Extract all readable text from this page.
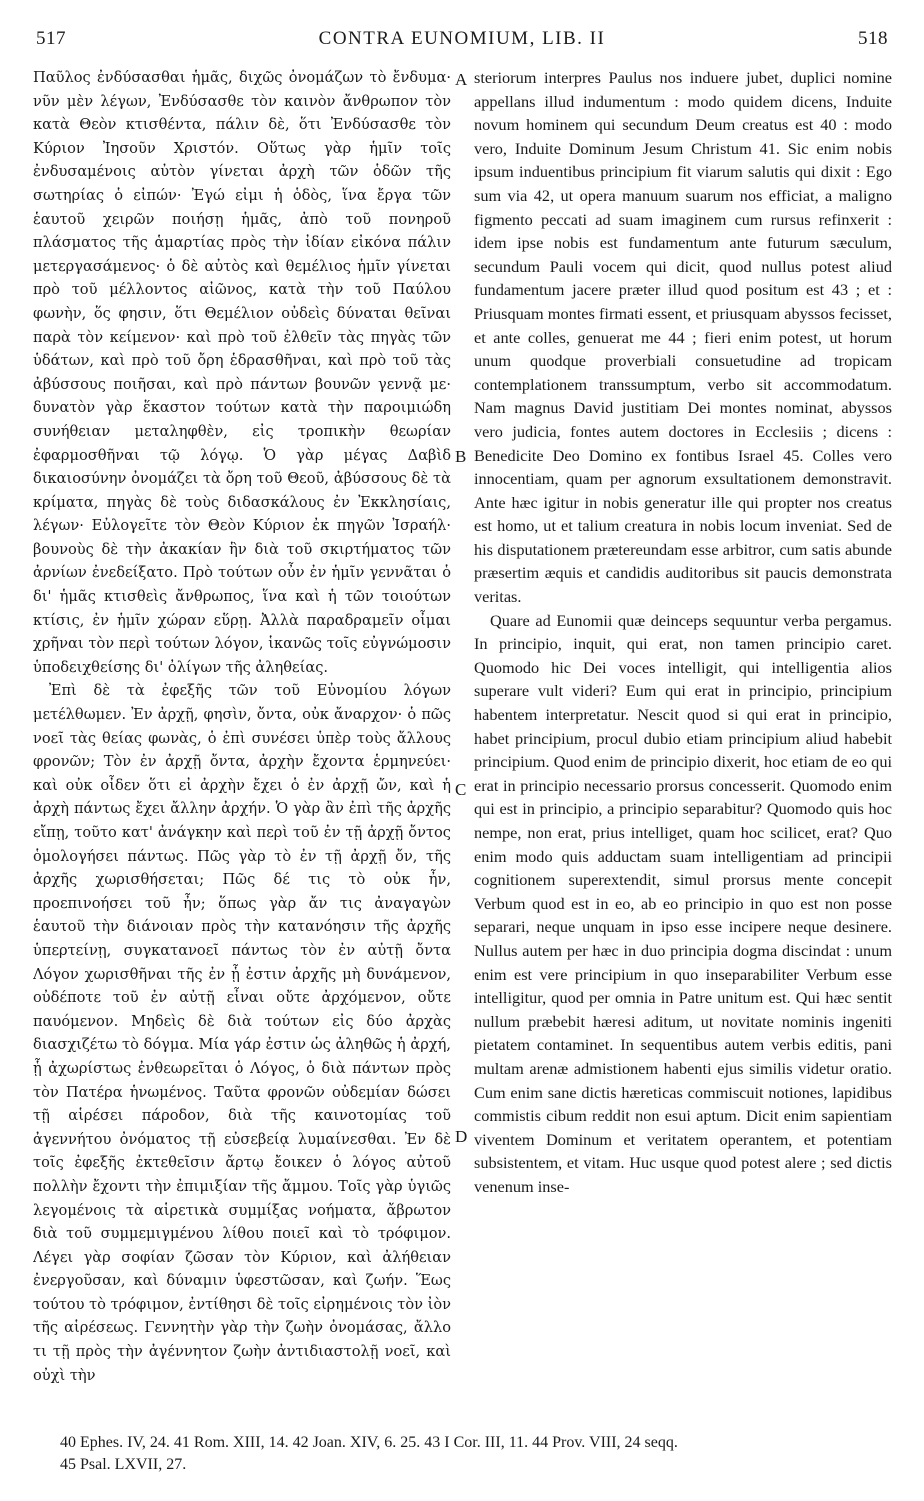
517	CONTRA EUNOMIUM, LIB. II	518

Παῦλος ἐνδύσασθαι ἡμᾶς, διχῶς ὀνομάζων τὸ ἔνδυμα· νῦν μὲν λέγων, Ἐνδύσασθε τὸν καινὸν ἄνθρωπον τὸν κατὰ Θεὸν κτισθέντα, πάλιν δὲ, ὅτι Ἐνδύσασθε τὸν Κύριον Ἰησοῦν Χριστόν. Οὕτως γὰρ ἡμῖν τοῖς ἐνδυσαμένοις αὐτὸν γίνεται ἀρχὴ τῶν ὁδῶν τῆς σωτηρίας ὁ εἰπών· Ἐγώ εἰμι ἡ ὁδὸς, ἵνα ἔργα τῶν ἑαυτοῦ χειρῶν ποιήσῃ ἡμᾶς, ἀπὸ τοῦ πονηροῦ πλάσματος τῆς ἁμαρτίας πρὸς τὴν ἰδίαν εἰκόνα πάλιν μετεργασάμενος· ὁ δὲ αὐτὸς καὶ θεμέλιος ἡμῖν γίνεται πρὸ τοῦ μέλλοντος αἰῶνος, κατὰ τὴν τοῦ Παύλου φωνὴν, ὅς φησιν, ὅτι Θεμέλιον οὐδεὶς δύναται θεῖναι παρὰ τὸν κείμενον· καὶ πρὸ τοῦ ἐλθεῖν τὰς πηγὰς τῶν ὑδάτων, καὶ πρὸ τοῦ ὄρη ἑδρασθῆναι, καὶ πρὸ τοῦ τὰς ἀβύσσους ποιῆσαι, καὶ πρὸ πάντων βουνῶν γεννᾷ με· δυνατὸν γὰρ ἕκαστον τούτων κατὰ τὴν παροιμιώδη συνήθειαν μεταληφθὲν, εἰς τροπικὴν θεωρίαν ἐφαρμοσθῆναι τῷ λόγῳ. Ὁ γὰρ μέγας Δαβὶδ δικαιοσύνην ὀνομάζει τὰ ὄρη τοῦ Θεοῦ, ἀβύσσους δὲ τὰ κρίματα, πηγὰς δὲ τοὺς διδασκάλους ἐν Ἐκκλησίαις, λέγων· Εὐλογεῖτε τὸν Θεὸν Κύριον ἐκ πηγῶν Ἰσραήλ· βουνοὺς δὲ τὴν ἀκακίαν ἣν διὰ τοῦ σκιρτήματος τῶν ἀρνίων ἐνεδείξατο. Πρὸ τούτων οὖν ἐν ἡμῖν γεννᾶται ὁ δι' ἡμᾶς κτισθεὶς ἄνθρωπος, ἵνα καὶ ἡ τῶν τοιούτων κτίσις, ἐν ἡμῖν χώραν εὕρῃ. Ἀλλὰ παραδραμεῖν οἶμαι χρῆναι τὸν περὶ τούτων λόγον, ἱκανῶς τοῖς εὐγνώμοσιν ὑποδειχθείσης δι' ὀλίγων τῆς ἀληθείας.

Ἐπὶ δὲ τὰ ἐφεξῆς τῶν τοῦ Εὐνομίου λόγων μετέλθωμεν. Ἐν ἀρχῇ, φησὶν, ὄντα, οὐκ ἄναρχον· ὁ πῶς νοεῖ τὰς θείας φωνὰς, ὁ ἐπὶ συνέσει ὑπὲρ τοὺς ἄλλους φρονῶν; Τὸν ἐν ἀρχῇ ὄντα, ἀρχὴν ἔχοντα ἑρμηνεύει· καὶ οὐκ οἶδεν ὅτι εἰ ἀρχὴν ἔχει ὁ ἐν ἀρχῇ ὤν, καὶ ἡ ἀρχὴ πάντως ἔχει ἄλλην ἀρχήν. Ὁ γὰρ ἂν ἐπὶ τῆς ἀρχῆς εἴπῃ, τοῦτο κατ' ἀνάγκην καὶ περὶ τοῦ ἐν τῇ ἀρχῇ ὄντος ὁμολογήσει πάντως. Πῶς γὰρ τὸ ἐν τῇ ἀρχῇ ὄν, τῆς ἀρχῆς χωρισθήσεται; Πῶς δέ τις τὸ οὐκ ἦν, προεπινοήσει τοῦ ἦν; ὅπως γὰρ ἄν τις ἀναγαγὼν ἑαυτοῦ τὴν διάνοιαν πρὸς τὴν κατανόησιν τῆς ἀρχῆς ὑπερτείνῃ, συγκατανοεῖ πάντως τὸν ἐν αὐτῇ ὄντα Λόγον χωρισθῆναι τῆς ἐν ᾗ ἐστιν ἀρχῆς μὴ δυνάμενον, οὐδέποτε τοῦ ἐν αὐτῇ εἶναι οὔτε ἀρχόμενον, οὔτε παυόμενον. Μηδεὶς δὲ διὰ τούτων εἰς δύο ἀρχὰς διασχιζέτω τὸ δόγμα. Μία γάρ ἐστιν ὡς ἀληθῶς ἡ ἀρχή, ᾗ ἀχωρίστως ἐνθεωρεῖται ὁ Λόγος, ὁ διὰ πάντων πρὸς τὸν Πατέρα ἡνωμένος. Ταῦτα φρονῶν οὐδεμίαν δώσει τῇ αἱρέσει πάροδον, διὰ τῆς καινοτομίας τοῦ ἀγεννήτου ὀνόματος τῇ εὐσεβείᾳ λυμαίνεσθαι. Ἐν δὲ τοῖς ἐφεξῆς ἐκτεθεῖσιν ἄρτῳ ἔοικεν ὁ λόγος αὐτοῦ πολλὴν ἔχοντι τὴν ἐπιμιξίαν τῆς ἄμμου. Τοῖς γὰρ ὑγιῶς λεγομένοις τὰ αἱρετικὰ συμμίξας νοήματα, ἄβρωτον διὰ τοῦ συμμεμιγμένου λίθου ποιεῖ καὶ τὸ τρόφιμον. Λέγει γὰρ σοφίαν ζῶσαν τὸν Κύριον, καὶ ἀλήθειαν ἐνεργοῦσαν, καὶ δύναμιν ὑφεστῶσαν, καὶ ζωήν. Ἕως τούτου τὸ τρόφιμον, ἐντίθησι δὲ τοῖς εἰρημένοις τὸν ἰὸν τῆς αἱρέσεως. Γεννητὴν γὰρ τὴν ζωὴν ὀνομάσας, ἄλλο τι τῇ πρὸς τὴν ἀγέννητον ζωὴν ἀντιδιαστολῇ νοεῖ, καὶ οὐχὶ τὴν

A
B
C
D

steriorum interpres Paulus nos induere jubet, duplici nomine appellans illud indumentum : modo quidem dicens, Induite novum hominem qui secundum Deum creatus est 40 : modo vero, Induite Dominum Jesum Christum 41. Sic enim nobis ipsum induentibus principium fit viarum salutis qui dixit : Ego sum via 42, ut opera manuum suarum nos efficiat, a maligno figmento peccati ad suam imaginem cum rursus refinxerit : idem ipse nobis est fundamentum ante futurum sæculum, secundum Pauli vocem qui dicit, quod nullus potest aliud fundamentum jacere præter illud quod positum est 43 ; et : Priusquam montes firmati essent, et priusquam abyssos fecisset, et ante colles, genuerat me 44 ; fieri enim potest, ut horum unum quodque proverbiali consuetudine ad tropicam contemplationem transsumptum, verbo sit accommodatum. Nam magnus David justitiam Dei montes nominat, abyssos vero judicia, fontes autem doctores in Ecclesiis ; dicens : Benedicite Deo Domino ex fontibus Israel 45. Colles vero innocentiam, quam per agnorum exsultationem demonstravit. Ante hæc igitur in nobis generatur ille qui propter nos creatus est homo, ut et talium creatura in nobis locum inveniat. Sed de his disputationem prætereundam esse arbitror, cum satis abunde præsertim æquis et candidis auditoribus sit paucis demonstrata veritas.

Quare ad Eunomii quæ deinceps sequuntur verba pergamus. In principio, inquit, qui erat, non tamen principio caret. Quomodo hic Dei voces intelligit, qui intelligentia alios superare vult videri? Eum qui erat in principio, principium habentem interpretatur. Nescit quod si qui erat in principio, habet principium, procul dubio etiam principium aliud habebit principium. Quod enim de principio dixerit, hoc etiam de eo qui erat in principio necessario prorsus concesserit. Quomodo enim qui est in principio, a principio separabitur? Quomodo quis hoc nempe, non erat, prius intelliget, quam hoc scilicet, erat? Quo enim modo quis adductam suam intelligentiam ad principii cognitionem superextendit, simul prorsus mente concepit Verbum quod est in eo, ab eo principio in quo est non posse separari, neque unquam in ipso esse incipere neque desinere. Nullus autem per hæc in duo principia dogma discindat : unum enim est vere principium in quo inseparabiliter Verbum esse intelligitur, quod per omnia in Patre unitum est. Qui hæc sentit nullum præbebit hæresi aditum, ut novitate nominis ingeniti pietatem contaminet. In sequentibus autem verbis editis, pani multam arenæ admistionem habenti ejus similis videtur oratio. Cum enim sane dictis hæreticas commiscuit notiones, lapidibus commistis cibum reddit non esui aptum. Dicit enim sapientiam viventem Dominum et veritatem operantem, et potentiam subsistentem, et vitam. Huc usque quod potest alere ; sed dictis venenum inse-

40 Ephes. IV, 24. 41 Rom. XIII, 14. 42 Joan. XIV, 6. 25. 43 I Cor. III, 11. 44 Prov. VIII, 24 seqq.
45 Psal. LXVII, 27.
